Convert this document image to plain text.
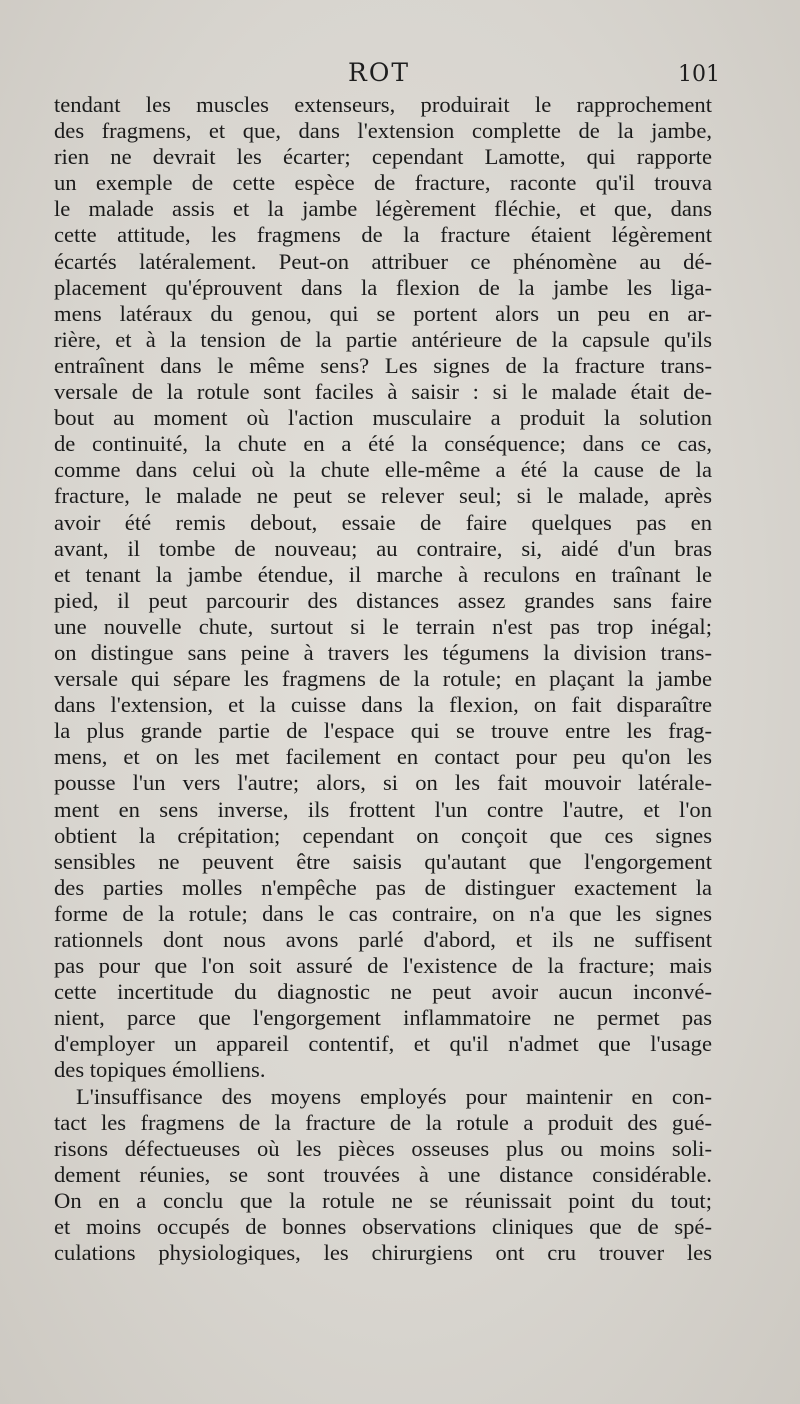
ROT	101
tendant les muscles extenseurs, produirait le rapprochement
des fragmens, et que, dans l'extension complette de la jambe,
rien ne devrait les écarter; cependant Lamotte, qui rapporte
un exemple de cette espèce de fracture, raconte qu'il trouva
le malade assis et la jambe légèrement fléchie, et que, dans
cette attitude, les fragmens de la fracture étaient légèrement
écartés latéralement. Peut-on attribuer ce phénomène au dé-
placement qu'éprouvent dans la flexion de la jambe les liga-
mens latéraux du genou, qui se portent alors un peu en ar-
rière, et à la tension de la partie antérieure de la capsule qu'ils
entraînent dans le même sens? Les signes de la fracture trans-
versale de la rotule sont faciles à saisir : si le malade était de-
bout au moment où l'action musculaire a produit la solution
de continuité, la chute en a été la conséquence; dans ce cas,
comme dans celui où la chute elle-même a été la cause de la
fracture, le malade ne peut se relever seul; si le malade, après
avoir été remis debout, essaie de faire quelques pas en
avant, il tombe de nouveau; au contraire, si, aidé d'un bras
et tenant la jambe étendue, il marche à reculons en traînant le
pied, il peut parcourir des distances assez grandes sans faire
une nouvelle chute, surtout si le terrain n'est pas trop inégal;
on distingue sans peine à travers les tégumens la division trans-
versale qui sépare les fragmens de la rotule; en plaçant la jambe
dans l'extension, et la cuisse dans la flexion, on fait disparaître
la plus grande partie de l'espace qui se trouve entre les frag-
mens, et on les met facilement en contact pour peu qu'on les
pousse l'un vers l'autre; alors, si on les fait mouvoir latérale-
ment en sens inverse, ils frottent l'un contre l'autre, et l'on
obtient la crépitation; cependant on conçoit que ces signes
sensibles ne peuvent être saisis qu'autant que l'engorgement
des parties molles n'empêche pas de distinguer exactement la
forme de la rotule; dans le cas contraire, on n'a que les signes
rationnels dont nous avons parlé d'abord, et ils ne suffisent
pas pour que l'on soit assuré de l'existence de la fracture; mais
cette incertitude du diagnostic ne peut avoir aucun inconvé-
nient, parce que l'engorgement inflammatoire ne permet pas
d'employer un appareil contentif, et qu'il n'admet que l'usage
des topiques émolliens.
L'insuffisance des moyens employés pour maintenir en con-
tact les fragmens de la fracture de la rotule a produit des gué-
risons défectueuses où les pièces osseuses plus ou moins soli-
dement réunies, se sont trouvées à une distance considérable.
On en a conclu que la rotule ne se réunissait point du tout;
et moins occupés de bonnes observations cliniques que de spé-
culations physiologiques, les chirurgiens ont cru trouver les
